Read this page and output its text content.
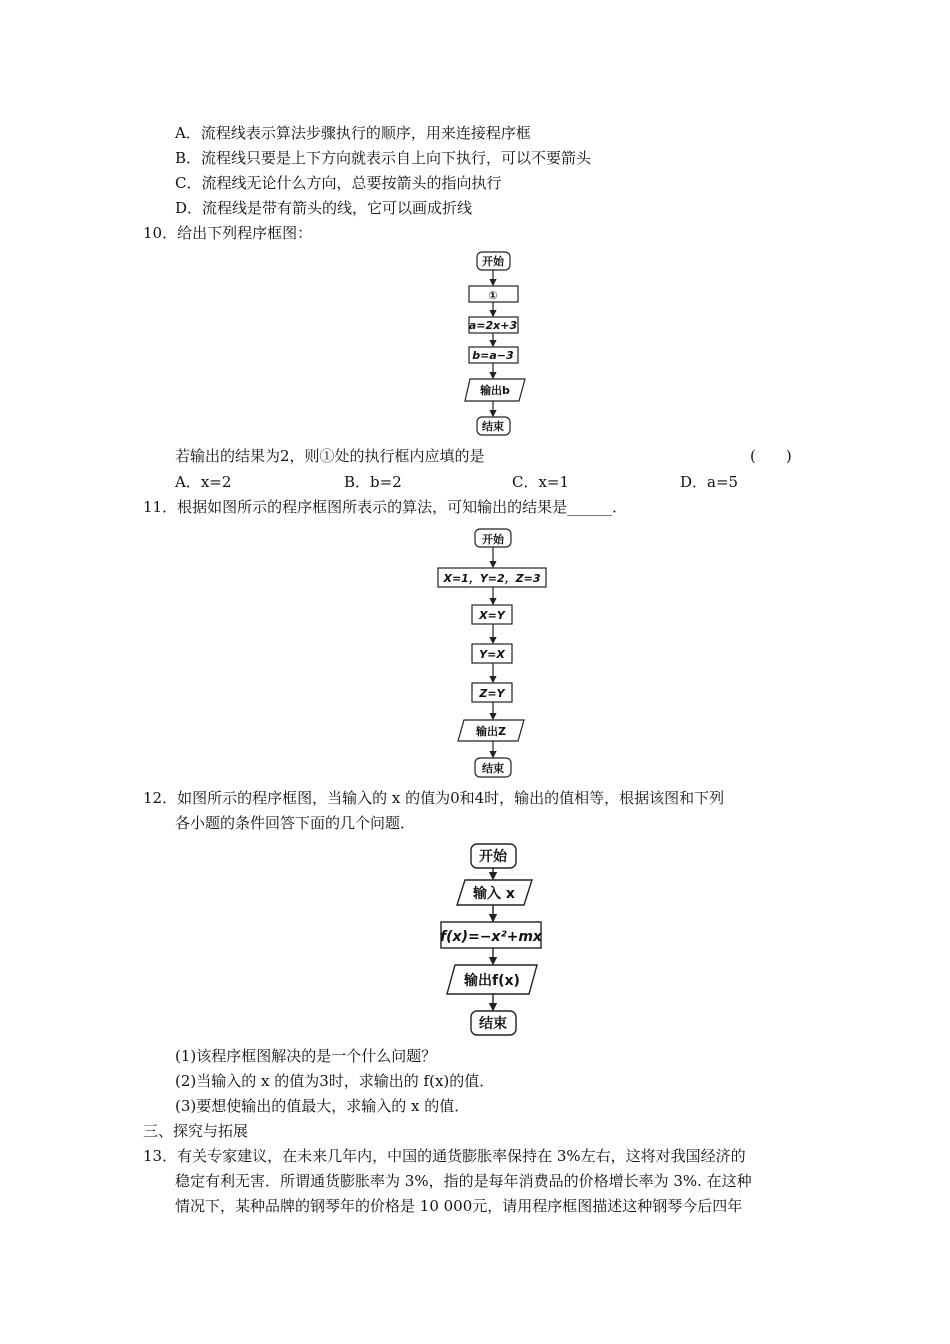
A．流程线表示算法步骤执行的顺序，用来连接程序框
B．流程线只要是上下方向就表示自上向下执行，可以不要箭头
C．流程线无论什么方向，总要按箭头的指向执行
D．流程线是带有箭头的线，它可以画成折线
10．给出下列程序框图：
开始
①
a=2x+3
b=a−3
输出b
结束
开始
X=1，Y=2，Z=3
X=Y
Y=X
Z=Y
输出Z
结束
开始
输入 x
f(x)=−x²+mx
输出f(x)
结束
若输出的结果为2，则①处的执行框内应填的是	(　　)
A．x=2	B．b=2	C．x=1	D．a=5
11．根据如图所示的程序框图所表示的算法，可知输出的结果是______．
12．如图所示的程序框图，当输入的 x 的值为0和4时，输出的值相等，根据该图和下列
各小题的条件回答下面的几个问题．
(1)该程序框图解决的是一个什么问题？
(2)当输入的 x 的值为3时，求输出的 f(x)的值．
(3)要想使输出的值最大，求输入的 x 的值．
三、探究与拓展
13．有关专家建议，在未来几年内，中国的通货膨胀率保持在 3%左右，这将对我国经济的
稳定有利无害．所谓通货膨胀率为 3%，指的是每年消费品的价格增长率为 3%. 在这种
情况下，某种品牌的钢琴年的价格是 10 000元，请用程序框图描述这种钢琴今后四年
